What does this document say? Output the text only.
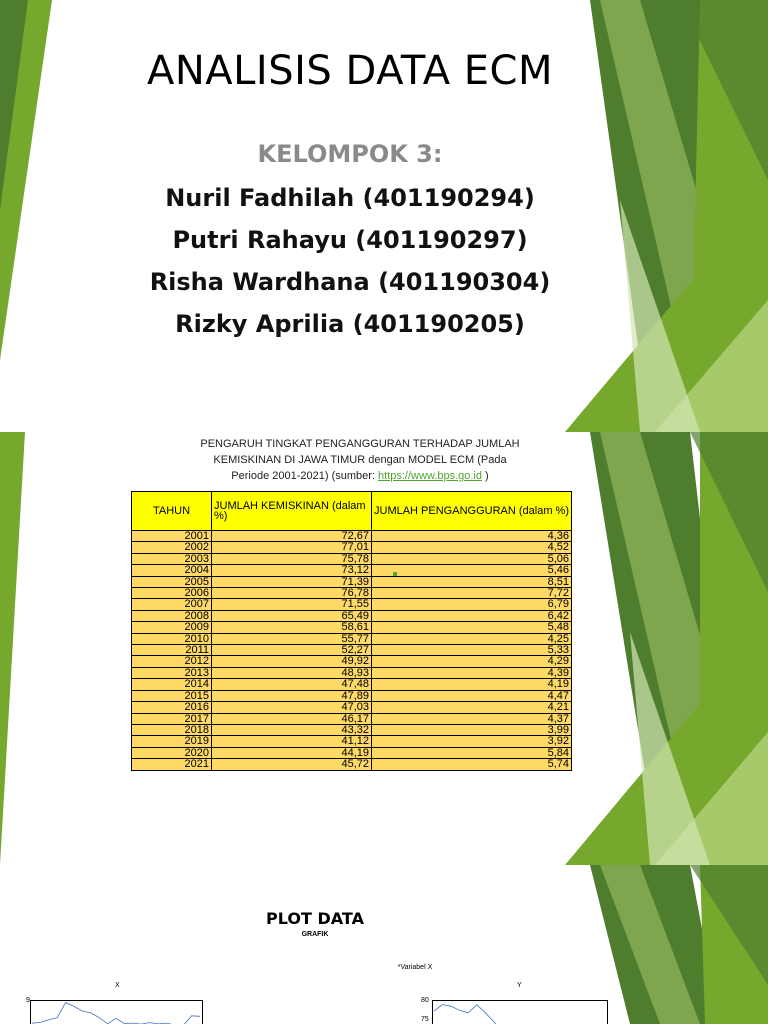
ANALISIS DATA ECM
KELOMPOK 3:
Nuril Fadhilah (401190294)
Putri Rahayu (401190297)
Risha Wardhana (401190304)
Rizky Aprilia (401190205)
PENGARUH TINGKAT PENGANGGURAN TERHADAP JUMLAH
KEMISKINAN DI JAWA TIMUR dengan MODEL ECM (Pada
Periode 2001-2021) (sumber: https://www.bps.go.id )
TAHUN	JUMLAH KEMISKINAN (dalam %)	JUMLAH PENGANGGURAN (dalam %)
2001	72,67	4,36
2002	77,01	4,52
2003	75,78	5,06
2004	73,12	5,46
2005	71,39	8,51
2006	76,78	7,72
2007	71,55	6,79
2008	65,49	6,42
2009	58,61	5,48
2010	55,77	4,25
2011	52,27	5,33
2012	49,92	4,29
2013	48,93	4,39
2014	47,48	4,19
2015	47,89	4,47
2016	47,03	4,21
2017	46,17	4,37
2018	43,32	3,99
2019	41,12	3,92
2020	44,19	5,84
2021	45,72	5,74
PLOT DATA
GRAFIK
*Variabel X
X	Y
9	80
75
